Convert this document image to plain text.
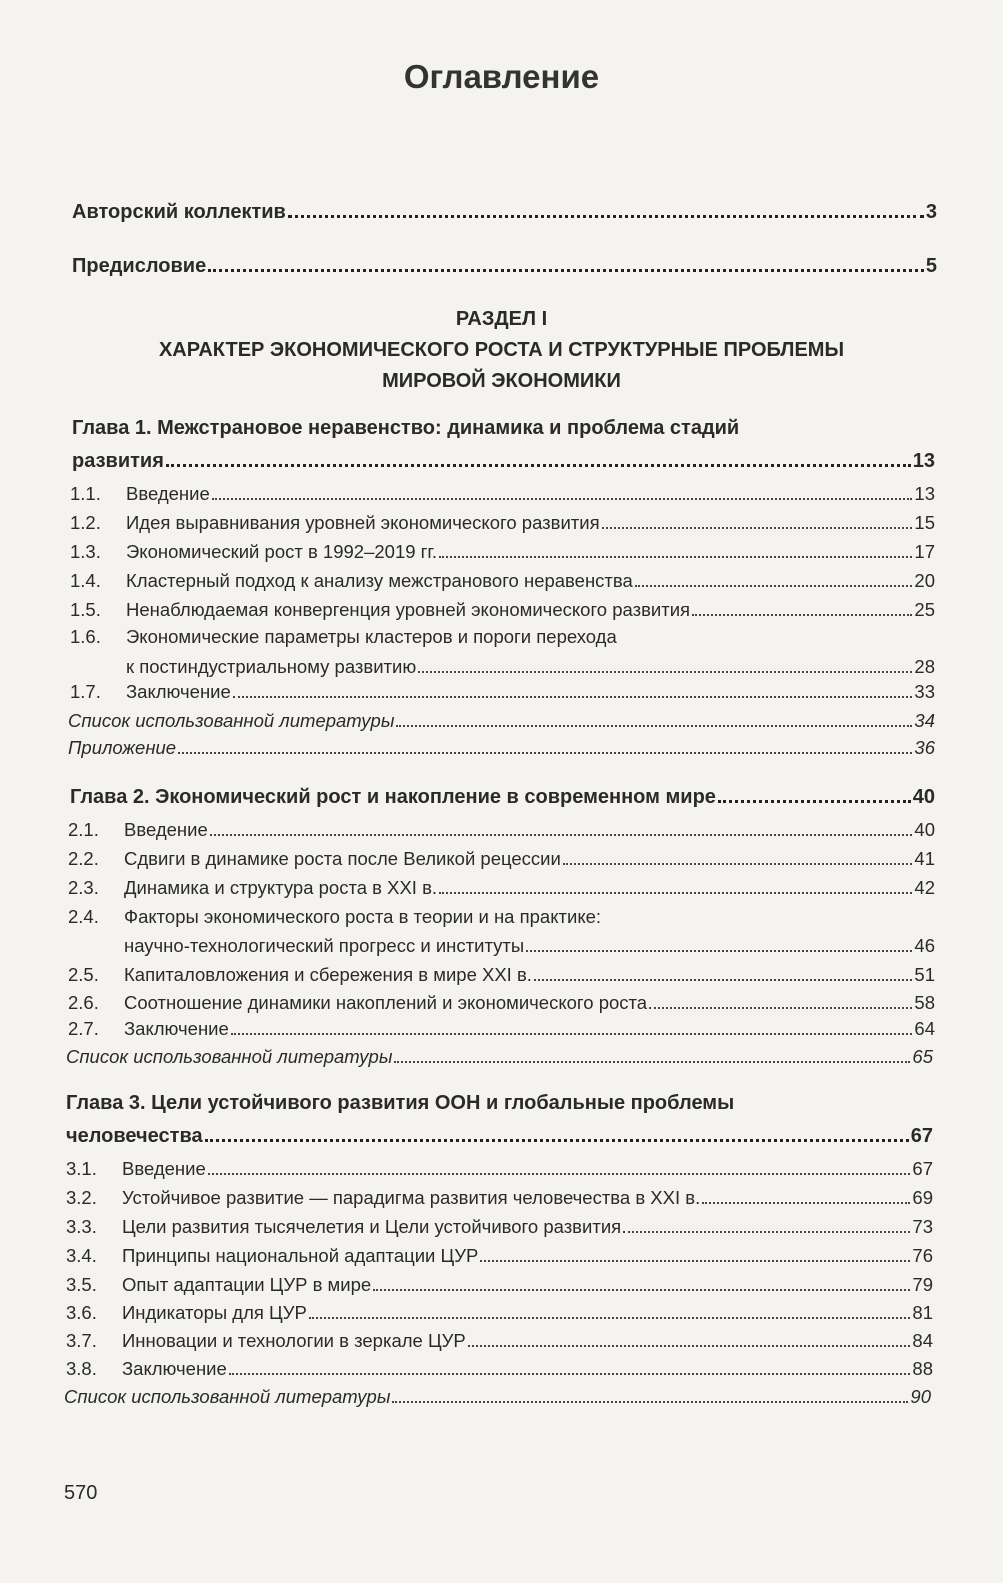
Оглавление
Авторский коллектив	3
Предисловие	5
РАЗДЕЛ I
ХАРАКТЕР ЭКОНОМИЧЕСКОГО РОСТА И СТРУКТУРНЫЕ ПРОБЛЕМЫ
МИРОВОЙ ЭКОНОМИКИ
Глава 1. Межстрановое неравенство: динамика и проблема стадий
развития	13
1.1.	Введение	13
1.2.	Идея выравнивания уровней экономического развития	15
1.3.	Экономический рост в 1992–2019 гг.	17
1.4.	Кластерный подход к анализу межстранового неравенства	20
1.5.	Ненаблюдаемая конвергенция уровней экономического развития	25
1.6. Экономические параметры кластеров и пороги перехода
к постиндустриальному развитию	28
1.7.	Заключение	33
Список использованной литературы	34
Приложение	36
Глава 2. Экономический рост и накопление в современном мире	40
2.1.	Введение	40
2.2.	Сдвиги в динамике роста после Великой рецессии	41
2.3.	Динамика и структура роста в XXI в.	42
2.4. Факторы экономического роста в теории и на практике:
научно-технологический прогресс и институты	46
2.5.	Капиталовложения и сбережения в мире XXI в.	51
2.6.	Соотношение динамики накоплений и экономического роста	58
2.7.	Заключение	64
Список использованной литературы	65
Глава 3. Цели устойчивого развития ООН и глобальные проблемы
человечества	67
3.1.	Введение	67
3.2.	Устойчивое развитие — парадигма развития человечества в XXI в.	69
3.3.	Цели развития тысячелетия и Цели устойчивого развития	73
3.4.	Принципы национальной адаптации ЦУР	76
3.5.	Опыт адаптации ЦУР в мире	79
3.6.	Индикаторы для ЦУР	81
3.7.	Инновации и технологии в зеркале ЦУР	84
3.8.	Заключение	88
Список использованной литературы	90
570
